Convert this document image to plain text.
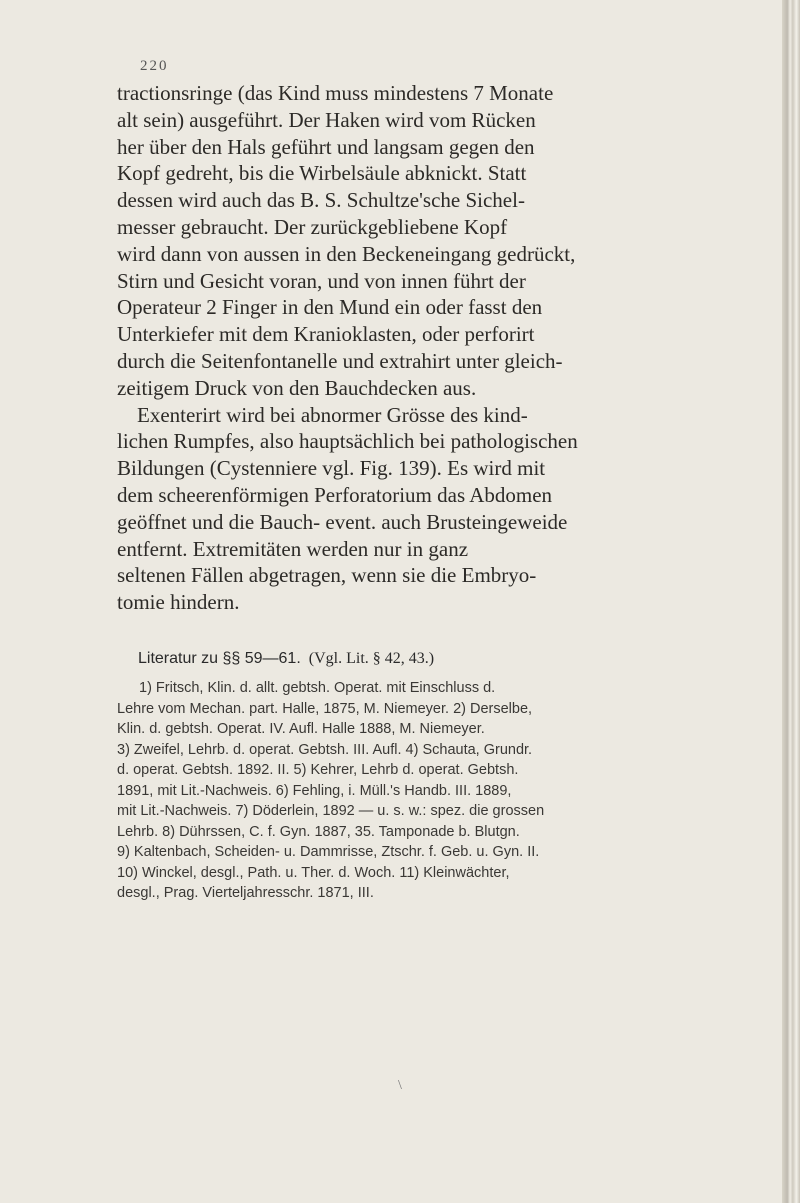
220

tractionsringe (das Kind muss mindestens 7 Monate

alt sein) ausgeführt. Der Haken wird vom Rücken

her über den Hals geführt und langsam gegen den

Kopf gedreht, bis die Wirbelsäule abknickt. Statt

dessen wird auch das B. S. Schultze'sche Sichel-

messer gebraucht. Der zurückgebliebene Kopf

wird dann von aussen in den Beckeneingang gedrückt,

Stirn und Gesicht voran, und von innen führt der

Operateur 2 Finger in den Mund ein oder fasst den

Unterkiefer mit dem Kranioklasten, oder perforirt

durch die Seitenfontanelle und extrahirt unter gleich-

zeitigem Druck von den Bauchdecken aus.

Exenterirt wird bei abnormer Grösse des kind-

lichen Rumpfes, also hauptsächlich bei pathologischen

Bildungen (Cystenniere vgl. Fig. 139). Es wird mit

dem scheerenförmigen Perforatorium das Abdomen

geöffnet und die Bauch- event. auch Brusteingeweide

entfernt. Extremitäten werden nur in ganz

seltenen Fällen abgetragen, wenn sie die Embryo-

tomie hindern.

Literatur zu §§ 59—61. (Vgl. Lit. § 42, 43.)

1) Fritsch, Klin. d. allt. gebtsh. Operat. mit Einschluss d.

Lehre vom Mechan. part. Halle, 1875, M. Niemeyer. 2) Derselbe,

Klin. d. gebtsh. Operat. IV. Aufl. Halle 1888, M. Niemeyer.

3) Zweifel, Lehrb. d. operat. Gebtsh. III. Aufl. 4) Schauta, Grundr.

d. operat. Gebtsh. 1892. II. 5) Kehrer, Lehrb d. operat. Gebtsh.

1891, mit Lit.-Nachweis. 6) Fehling, i. Müll.'s Handb. III. 1889,

mit Lit.-Nachweis. 7) Döderlein, 1892 — u. s. w.: spez. die grossen

Lehrb. 8) Dührssen, C. f. Gyn. 1887, 35. Tamponade b. Blutgn.

9) Kaltenbach, Scheiden- u. Dammrisse, Ztschr. f. Geb. u. Gyn. II.

10) Winckel, desgl., Path. u. Ther. d. Woch. 11) Kleinwächter,

desgl., Prag. Vierteljahresschr. 1871, III.

\
